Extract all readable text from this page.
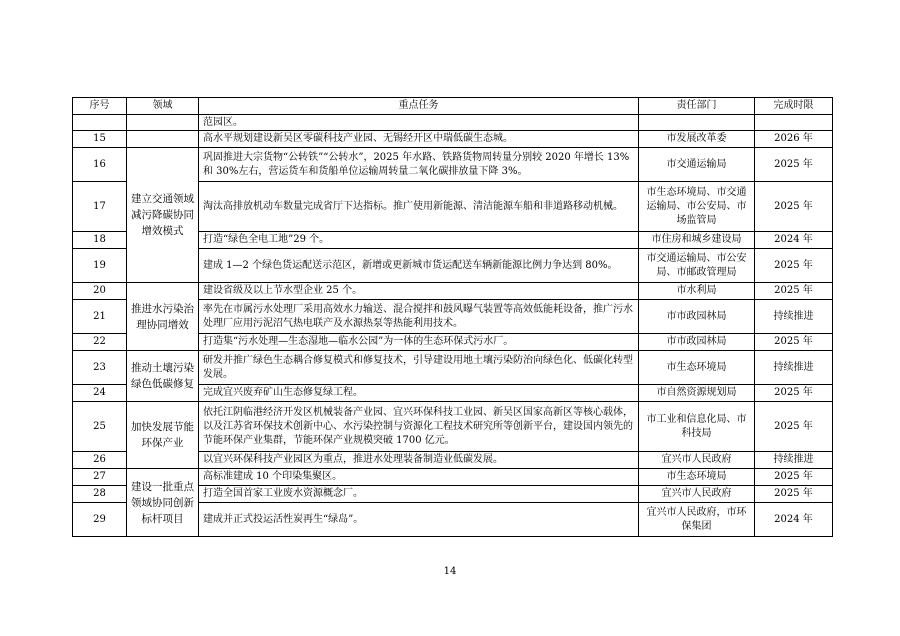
序号	领域	重点任务	责任部门	完成时限
		范园区。		
15		高水平规划建设新吴区零碳科技产业园、无锡经开区中瑞低碳生态城。	市发展改革委	2026 年
16	建立交通领域减污降碳协同增效模式	巩固推进大宗货物“公转铁”“公转水”，2025 年水路、铁路货物周转量分别较 2020 年增长 13%和 30%左右，营运货车和货船单位运输周转量二氧化碳排放量下降 3%。	市交通运输局	2025 年
17		淘汰高排放机动车数量完成省厅下达指标。推广使用新能源、清洁能源车船和非道路移动机械。	市生态环境局、市交通运输局、市公安局、市场监管局	2025 年
18		打造“绿色全电工地”29 个。	市住房和城乡建设局	2024 年
19		建成 1—2 个绿色货运配送示范区，新增或更新城市货运配送车辆新能源比例力争达到 80%。	市交通运输局、市公安局、市邮政管理局	2025 年
20	推进水污染治理协同增效	建设省级及以上节水型企业 25 个。	市水利局	2025 年
21		率先在市属污水处理厂采用高效水力输送、混合搅拌和鼓风曝气装置等高效低能耗设备，推广污水处理厂应用污泥沼气热电联产及水源热泵等热能利用技术。	市市政园林局	持续推进
22		打造集“污水处理—生态湿地—临水公园”为一体的生态环保式污水厂。	市市政园林局	2025 年
23	推动土壤污染绿色低碳修复	研发并推广绿色生态耦合修复模式和修复技术，引导建设用地土壤污染防治向绿色化、低碳化转型发展。	市生态环境局	持续推进
24		完成宜兴废弃矿山生态修复绿工程。	市自然资源规划局	2025 年
25	加快发展节能环保产业	依托江阴临港经济开发区机械装备产业园、宜兴环保科技工业园、新吴区国家高新区等核心载体，以及江苏省环保技术创新中心、水污染控制与资源化工程技术研究所等创新平台，建设国内领先的节能环保产业集群，节能环保产业规模突破 1700 亿元。	市工业和信息化局、市科技局	2025 年
26		以宜兴环保科技产业园区为重点，推进水处理装备制造业低碳发展。	宜兴市人民政府	持续推进
27	建设一批重点领域协同创新标杆项目	高标准建成 10 个印染集聚区。	市生态环境局	2025 年
28		打造全国首家工业废水资源概念厂。	宜兴市人民政府	2025 年
29		建成并正式投运活性炭再生“绿岛”。	宜兴市人民政府，市环保集团	2024 年
14
